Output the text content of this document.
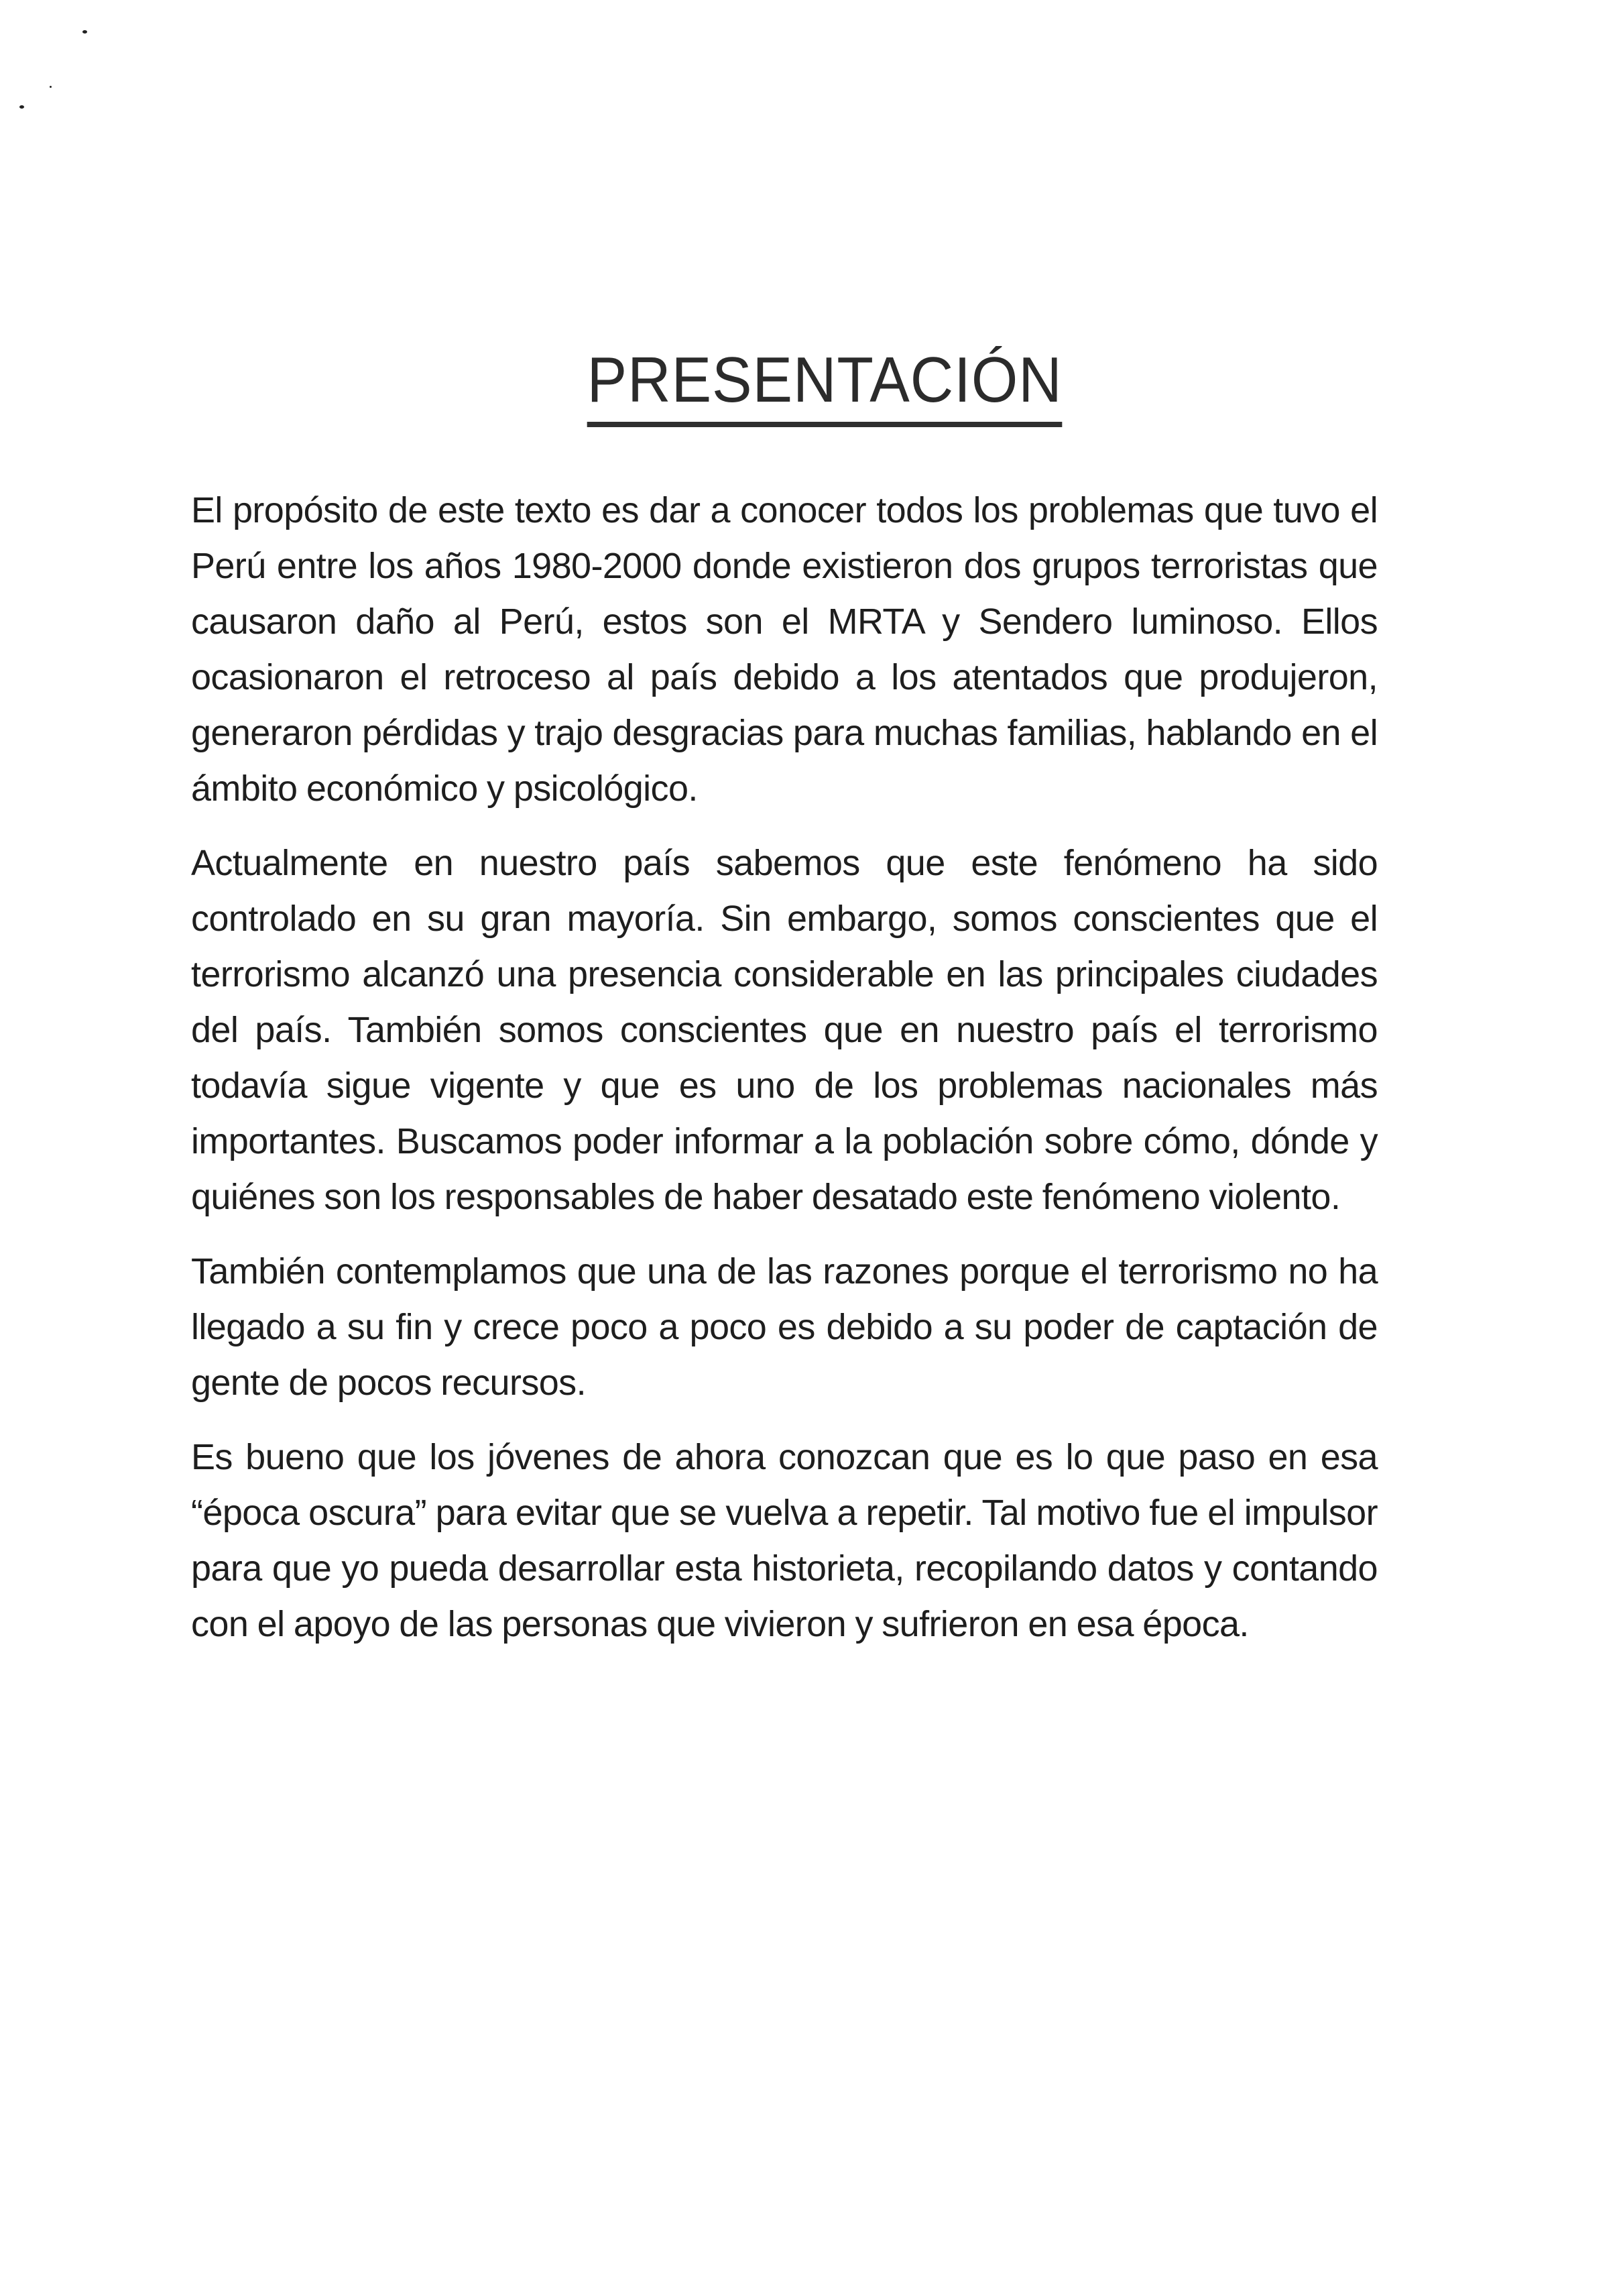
PRESENTACIÓN

El propósito de este texto es dar a conocer todos los problemas que tuvo el Perú entre los años 1980-2000 donde existieron dos grupos terroristas que causaron daño al Perú, estos son el MRTA y Sendero luminoso. Ellos ocasionaron el retroceso al país debido a los atentados que produjeron, generaron pérdidas y trajo desgracias para muchas familias, hablando en el ámbito económico y psicológico.

Actualmente en nuestro país sabemos que este fenómeno ha sido controlado en su gran mayoría. Sin embargo, somos conscientes que el terrorismo alcanzó una presencia considerable en las principales ciudades del país. También somos conscientes que en nuestro país el terrorismo todavía sigue vigente y que es uno de los problemas nacionales más importantes. Buscamos poder informar a la población sobre cómo, dónde y quiénes son los responsables de haber desatado este fenómeno violento.

También contemplamos que una de las razones porque el terrorismo no ha llegado a su fin y crece poco a poco es debido a su poder de captación de gente de pocos recursos.

Es bueno que los jóvenes de ahora conozcan que es lo que paso en esa “época oscura” para evitar que se vuelva a repetir. Tal motivo fue el impulsor para que yo pueda desarrollar esta historieta, recopilando datos y contando con el apoyo de las personas que vivieron y sufrieron en esa época.
